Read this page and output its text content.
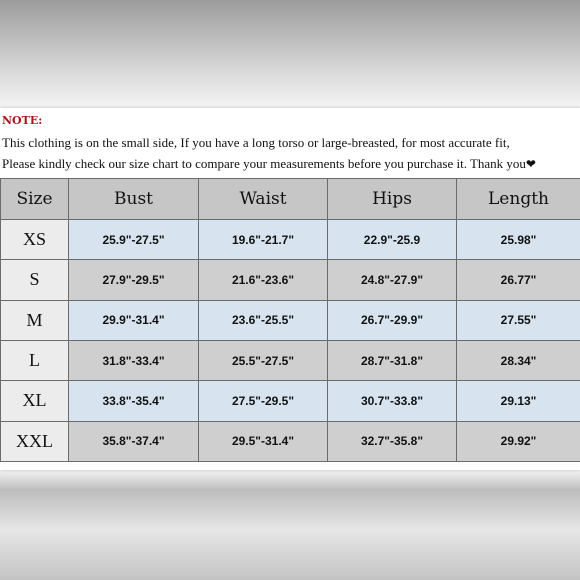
NOTE:
This clothing is on the small side, If you have a long torso or large-breasted, for most accurate fit,
Please kindly check our size chart to compare your measurements before you purchase it. Thank you❤
Size	Bust	Waist	Hips	Length
XS	25.9"-27.5"	19.6"-21.7"	22.9"-25.9	25.98"
S	27.9"-29.5"	21.6"-23.6"	24.8"-27.9"	26.77"
M	29.9"-31.4"	23.6"-25.5"	26.7"-29.9"	27.55"
L	31.8"-33.4"	25.5"-27.5"	28.7"-31.8"	28.34"
XL	33.8"-35.4"	27.5"-29.5"	30.7"-33.8"	29.13"
XXL	35.8"-37.4"	29.5"-31.4"	32.7"-35.8"	29.92"
